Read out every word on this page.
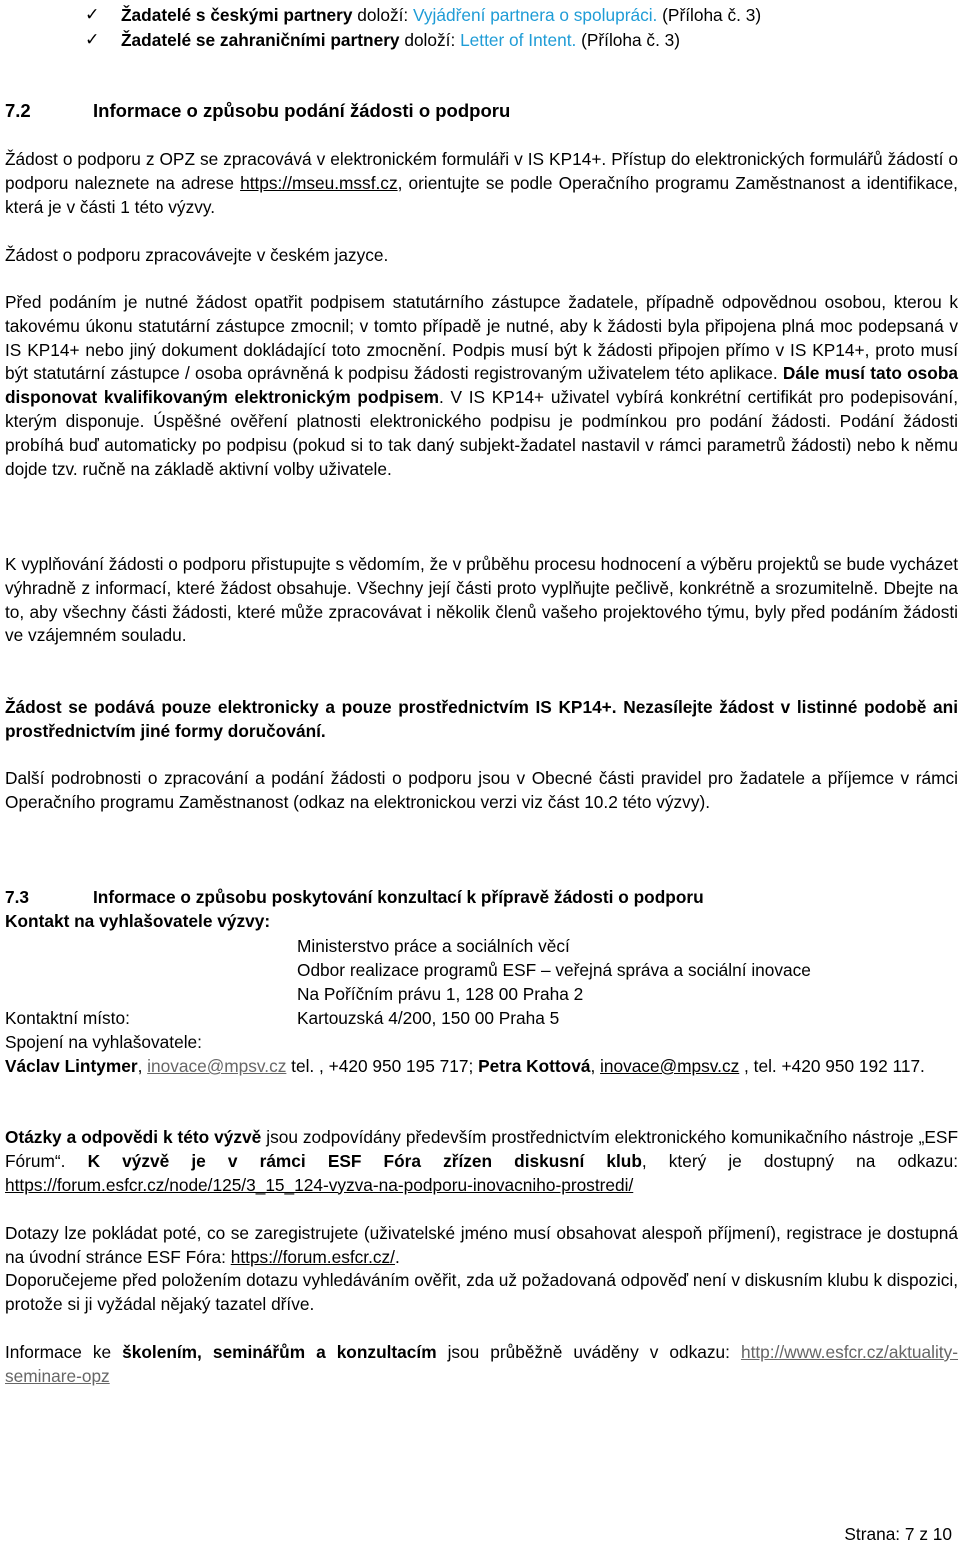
✓ Žadatelé s českými partnery doloží: Vyjádření partnera o spolupráci. (Příloha č. 3)
✓ Žadatelé se zahraničními partnery doloží: Letter of Intent. (Příloha č. 3)
7.2	Informace o způsobu podání žádosti o podporu

Žádost o podporu z OPZ se zpracovává v elektronickém formuláři v IS KP14+. Přístup do elektronických formulářů žádostí o podporu naleznete na adrese https://mseu.mssf.cz, orientujte se podle Operačního programu Zaměstnanost a identifikace, která je v části 1 této výzvy.

Žádost o podporu zpracovávejte v českém jazyce.

Před podáním je nutné žádost opatřit podpisem statutárního zástupce žadatele, případně odpovědnou osobou, kterou k takovému úkonu statutární zástupce zmocnil; v tomto případě je nutné, aby k žádosti byla připojena plná moc podepsaná v IS KP14+ nebo jiný dokument dokládající toto zmocnění. Podpis musí být k žádosti připojen přímo v IS KP14+, proto musí být statutární zástupce / osoba oprávněná k podpisu žádosti registrovaným uživatelem této aplikace. Dále musí tato osoba disponovat kvalifikovaným elektronickým podpisem. V IS KP14+ uživatel vybírá konkrétní certifikát pro podepisování, kterým disponuje. Úspěšné ověření platnosti elektronického podpisu je podmínkou pro podání žádosti. Podání žádosti probíhá buď automaticky po podpisu (pokud si to tak daný subjekt-žadatel nastavil v rámci parametrů žádosti) nebo k němu dojde tzv. ručně na základě aktivní volby uživatele.

K vyplňování žádosti o podporu přistupujte s vědomím, že v průběhu procesu hodnocení a výběru projektů se bude vycházet výhradně z informací, které žádost obsahuje. Všechny její části proto vyplňujte pečlivě, konkrétně a srozumitelně. Dbejte na to, aby všechny části žádosti, které může zpracovávat i několik členů vašeho projektového týmu, byly před podáním žádosti ve vzájemném souladu.

Žádost se podává pouze elektronicky a pouze prostřednictvím IS KP14+. Nezasílejte žádost v listinné podobě ani prostřednictvím jiné formy doručování.

Další podrobnosti o zpracování a podání žádosti o podporu jsou v Obecné části pravidel pro žadatele a příjemce v rámci Operačního programu Zaměstnanost (odkaz na elektronickou verzi viz část 10.2 této výzvy).

7.3	Informace o způsobu poskytování konzultací k přípravě žádosti o podporu
Kontakt na vyhlašovatele výzvy:
Ministerstvo práce a sociálních věcí
Odbor realizace programů ESF – veřejná správa a sociální inovace
Na Poříčním právu 1, 128 00 Praha 2
Kontaktní místo:	Kartouzská 4/200, 150 00 Praha 5
Spojení na vyhlašovatele:

Václav Lintymer, inovace@mpsv.cz tel. , +420 950 195 717; Petra Kottová, inovace@mpsv.cz , tel. +420 950 192 117.

Otázky a odpovědi k této výzvě jsou zodpovídány především prostřednictvím elektronického komunikačního nástroje „ESF Fórum“. K výzvě je v rámci ESF Fóra zřízen diskusní klub, který je dostupný na odkazu: https://forum.esfcr.cz/node/125/3_15_124-vyzva-na-podporu-inovacniho-prostredi/

Dotazy lze pokládat poté, co se zaregistrujete (uživatelské jméno musí obsahovat alespoň příjmení), registrace je dostupná na úvodní stránce ESF Fóra: https://forum.esfcr.cz/.

Doporučejeme před položením dotazu vyhledáváním ověřit, zda už požadovaná odpověď není v diskusním klubu k dispozici, protože si ji vyžádal nějaký tazatel dříve.

Informace ke školením, seminářům a konzultacím jsou průběžně uváděny v odkazu: http://www.esfcr.cz/aktuality-seminare-opz

Strana: 7 z 10
